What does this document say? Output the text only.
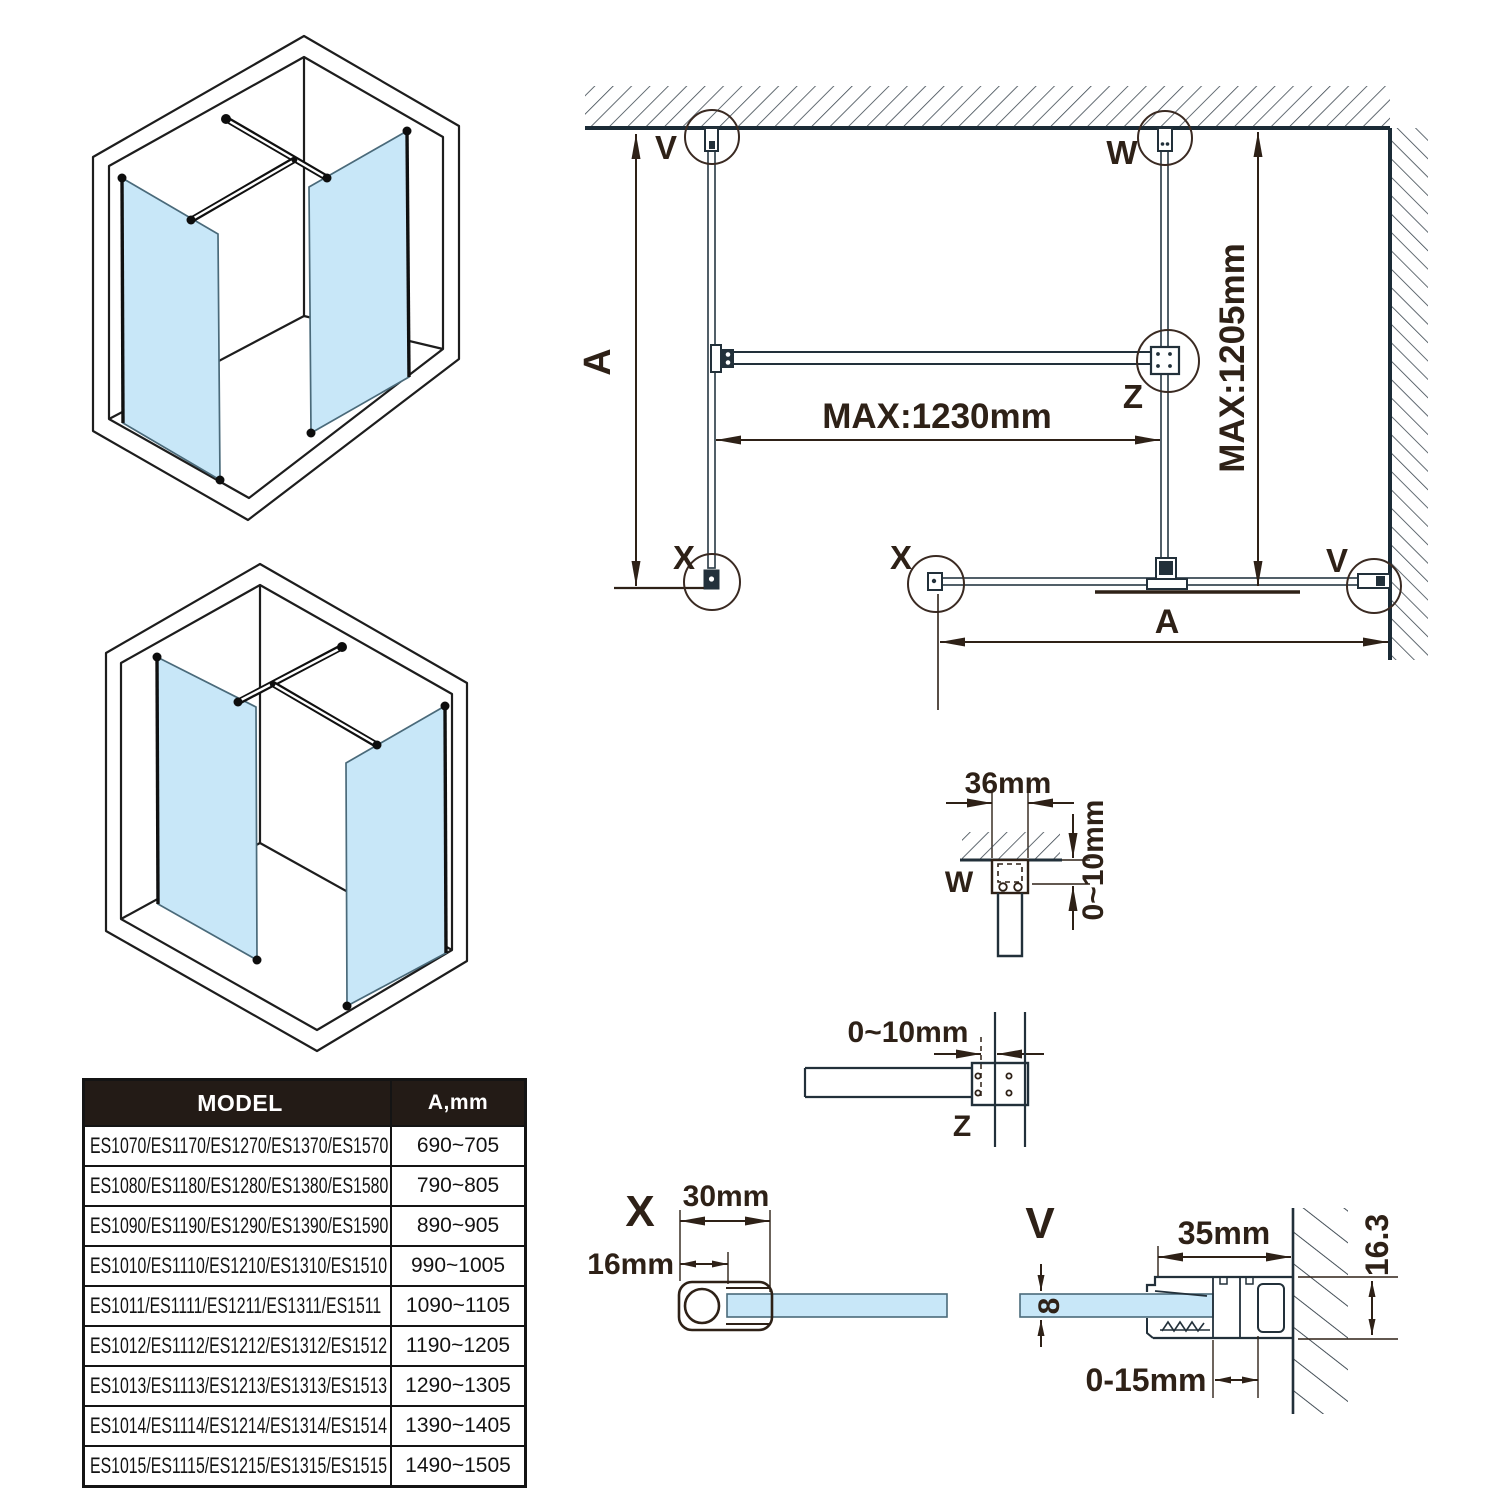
V	W
Z
X	X	V
MAX:1230mm
A	MAX:1205mm
A
36mm
W	0~10mm
0~10mm
Z
X 30mm
16mm
V
8
35mm	16.3
0-15mm
MODEL	A,mm
ES1070/ES1170/ES1270/ES1370/ES1570	690~705
ES1080/ES1180/ES1280/ES1380/ES1580	790~805
ES1090/ES1190/ES1290/ES1390/ES1590	890~905
ES1010/ES1110/ES1210/ES1310/ES1510	990~1005
ES1011/ES1111/ES1211/ES1311/ES1511	1090~1105
ES1012/ES1112/ES1212/ES1312/ES1512	1190~1205
ES1013/ES1113/ES1213/ES1313/ES1513	1290~1305
ES1014/ES1114/ES1214/ES1314/ES1514	1390~1405
ES1015/ES1115/ES1215/ES1315/ES1515	1490~1505
